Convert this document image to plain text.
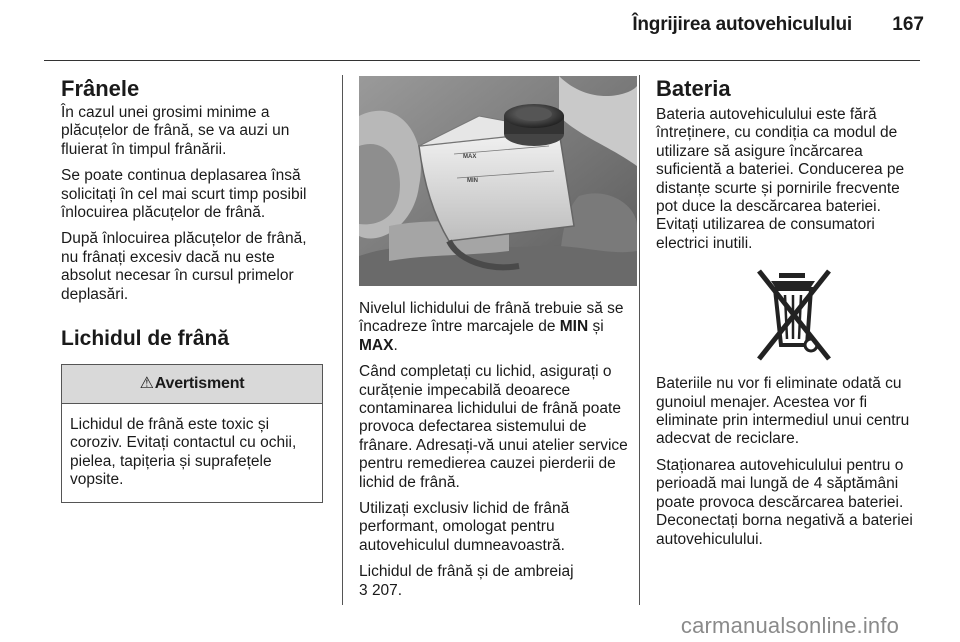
Îngrijirea autovehiculului	167
Frânele

În cazul unei grosimi minime a plăcuțelor de frână, se va auzi un fluierat în timpul frânării.

Se poate continua deplasarea însă solicitați în cel mai scurt timp posibil înlocuirea plăcuțelor de frână.

După înlocuirea plăcuțelor de frână, nu frânați excesiv dacă nu este absolut necesar în cursul primelor deplasări.

Lichidul de frână
⚠ Avertisment
Lichidul de frână este toxic și coroziv. Evitați contactul cu ochii, pielea, tapițeria și suprafețele vopsite.
MAX
MIN

Nivelul lichidului de frână trebuie să se încadreze între marcajele de MIN și MAX.

Când completați cu lichid, asigurați o curățenie impecabilă deoarece contaminarea lichidului de frână poate provoca defectarea sistemului de frânare. Adresați-vă unui atelier service pentru remedierea cauzei pierderii de lichid de frână.

Utilizați exclusiv lichid de frână performant, omologat pentru autovehiculul dumneavoastră.

Lichidul de frână și de ambreiaj
3 207.

Bateria

Bateria autovehiculului este fără întreținere, cu condiția ca modul de utilizare să asigure încărcarea suficientă a bateriei. Conducerea pe distanțe scurte și pornirile frecvente pot duce la descărcarea bateriei. Evitați utilizarea de consumatori electrici inutili.

Bateriile nu vor fi eliminate odată cu gunoiul menajer. Acestea vor fi eliminate prin intermediul unui centru adecvat de reciclare.

Staționarea autovehiculului pentru o perioadă mai lungă de 4 săptămâni poate provoca descărcarea bateriei. Deconectați borna negativă a bateriei autovehiculului.

carmanualsonline.info
